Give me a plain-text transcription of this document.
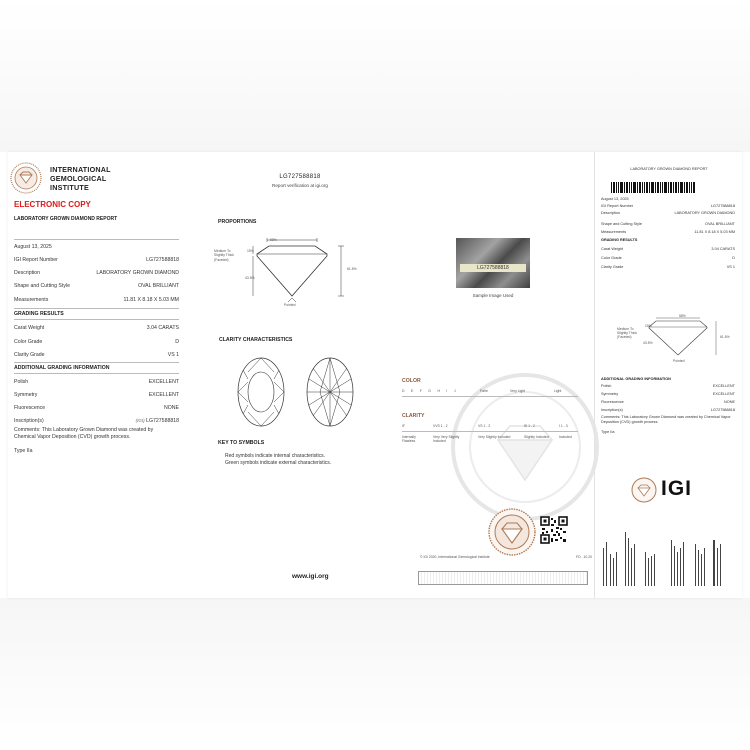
INTERNATIONAL
GEMOLOGICAL
INSTITUTE
ELECTRONIC COPY
LABORATORY GROWN DIAMOND REPORT
August 13, 2025
IGI Report Number	LG727588818
Description	LABORATORY GROWN DIAMOND
Shape and Cutting Style	OVAL BRILLIANT
Measurements	11.81 X 8.18 X 5.03 MM
GRADING RESULTS
Carat Weight	3.04 CARATS
Color Grade	D
Clarity Grade	VS 1
ADDITIONAL GRADING INFORMATION
Polish	EXCELLENT
Symmetry	EXCELLENT
Fluorescence	NONE
Inscription(s)	(IGI) LG727588818
Comments: This Laboratory Grown Diamond was created by Chemical Vapor Deposition (CVD) growth process.
Type IIa
LG727588818
Report verification at igi.org
PROPORTIONS
58%
61.5%
15%
43.5%
Medium To
Slightly Thick
(Faceted)
Pointed
LG727588818
Sample Image Used
CLARITY CHARACTERISTICS
KEY TO SYMBOLS
Red symbols indicate internal characteristics.
Green symbols indicate external characteristics.
www.igi.org
COLOR
D E F G H I J	Faint	Very Light	Light
CLARITY
IF	VVS 1 - 2	VS 1 - 2	SI 1 - 2	I 1 - 3
Internally Flawless
Very Very Slightly Included
Very Slightly Included	Slightly Included	Included
© IGI 2020, International Gemological Institute	FD - 10.20
LABORATORY GROWN DIAMOND REPORT
August 13, 2025
IGI Report Number	LG727588818
Description	LABORATORY GROWN DIAMOND
Shape and Cutting Style	OVAL BRILLIANT
Measurements	11.81 X 8.18 X 5.03 MM
GRADING RESULTS
Carat Weight	3.04 CARATS
Color Grade	D
Clarity Grade	VS 1
58%
61.5%
15%
43.5%
Medium To
Slightly Thick
(Faceted)
Pointed
ADDITIONAL GRADING INFORMATION
Polish	EXCELLENT
Symmetry	EXCELLENT
Fluorescence	NONE
Inscription(s)	LG727588818
Comments: This Laboratory Grown Diamond was created by Chemical Vapor Deposition (CVD) growth process.
Type IIa
IGI
